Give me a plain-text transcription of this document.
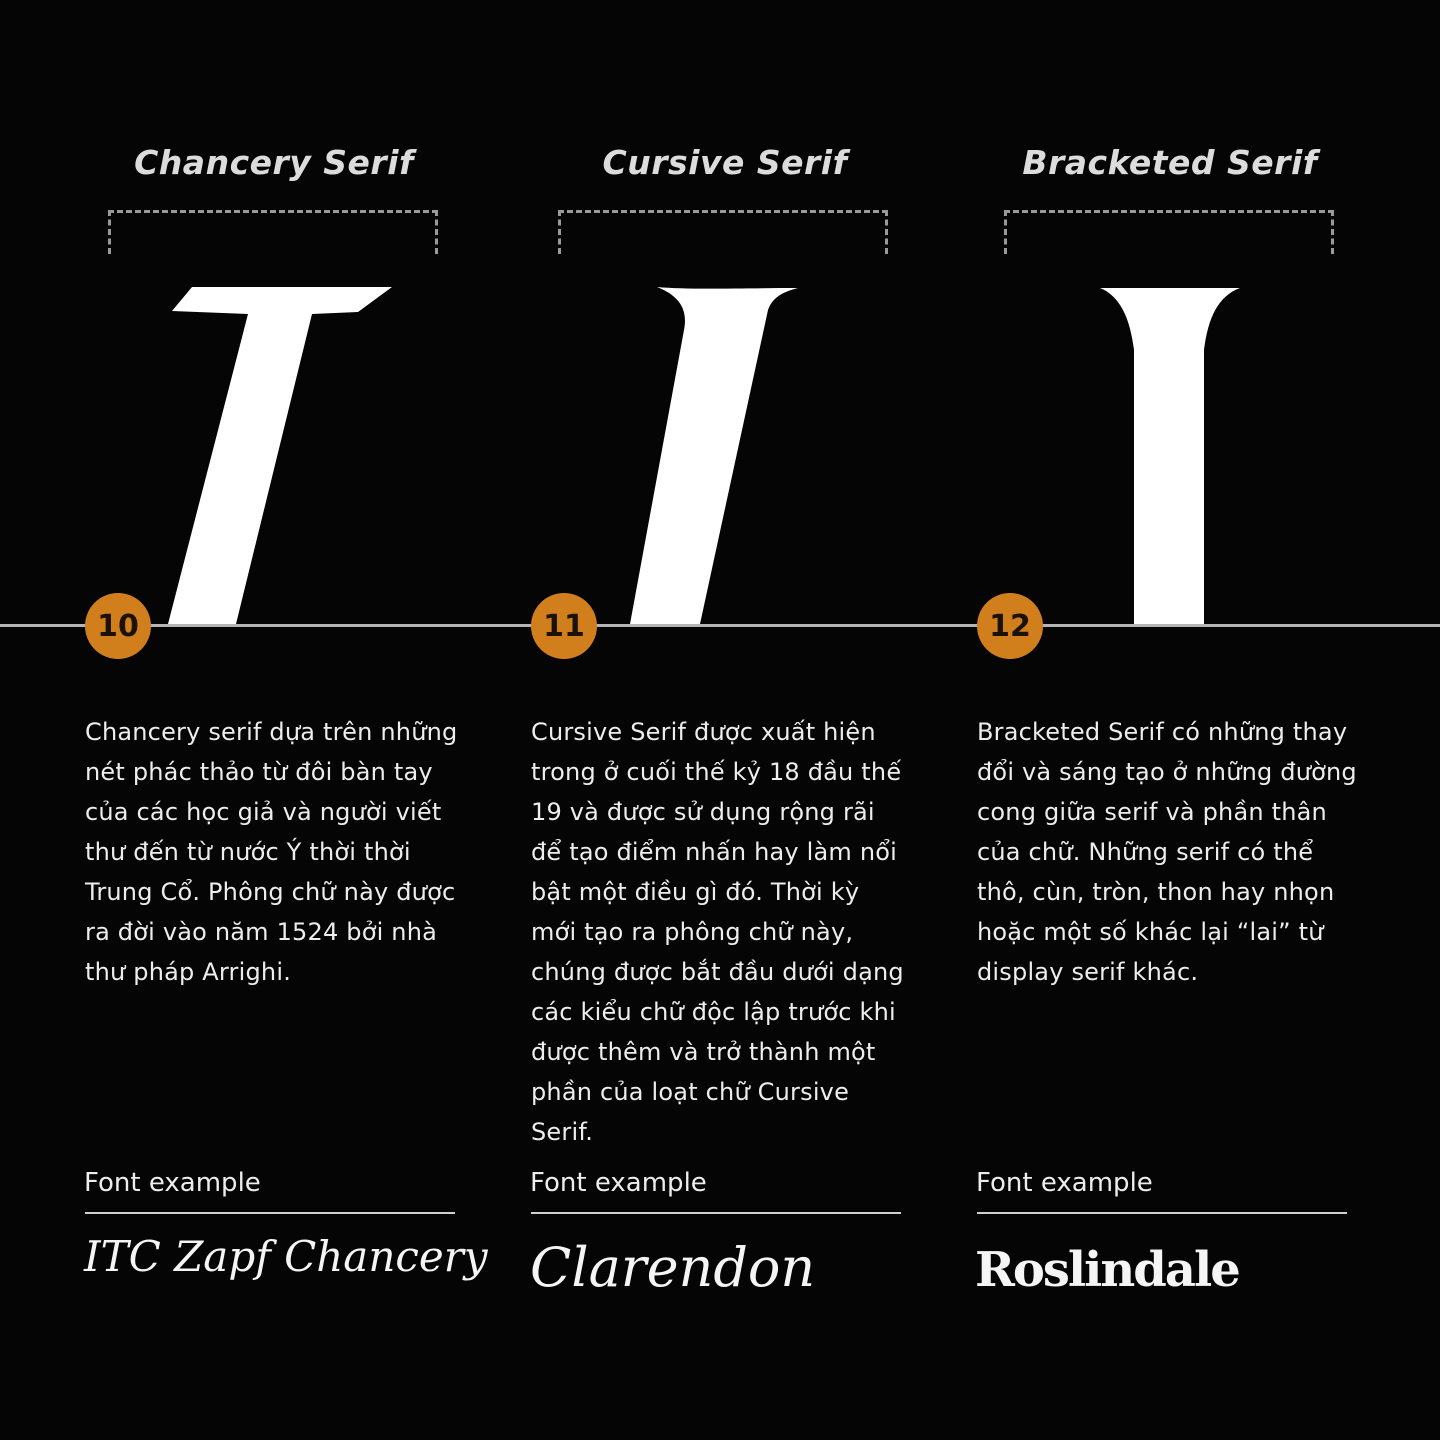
Chancery Serif	Cursive Serif	Bracketed Serif
10	11	12

Chancery serif dựa trên những nét phác thảo từ đôi bàn tay của các học giả và người viết thư đến từ nước Ý thời thời Trung Cổ. Phông chữ này được ra đời vào năm 1524 bởi nhà thư pháp Arrighi.

Cursive Serif được xuất hiện trong ở cuối thế kỷ 18 đầu thế 19 và được sử dụng rộng rãi để tạo điểm nhấn hay làm nổi bật một điều gì đó. Thời kỳ mới tạo ra phông chữ này, chúng được bắt đầu dưới dạng các kiểu chữ độc lập trước khi được thêm và trở thành một phần của loạt chữ Cursive Serif.

Bracketed Serif có những thay đổi và sáng tạo ở những đường cong giữa serif và phần thân của chữ. Những serif có thể thô, cùn, tròn, thon hay nhọn hoặc một số khác lại “lai” từ display serif khác.

Font example	Font example	Font example

ITC Zapf Chancery Clarendon	Roslindale
